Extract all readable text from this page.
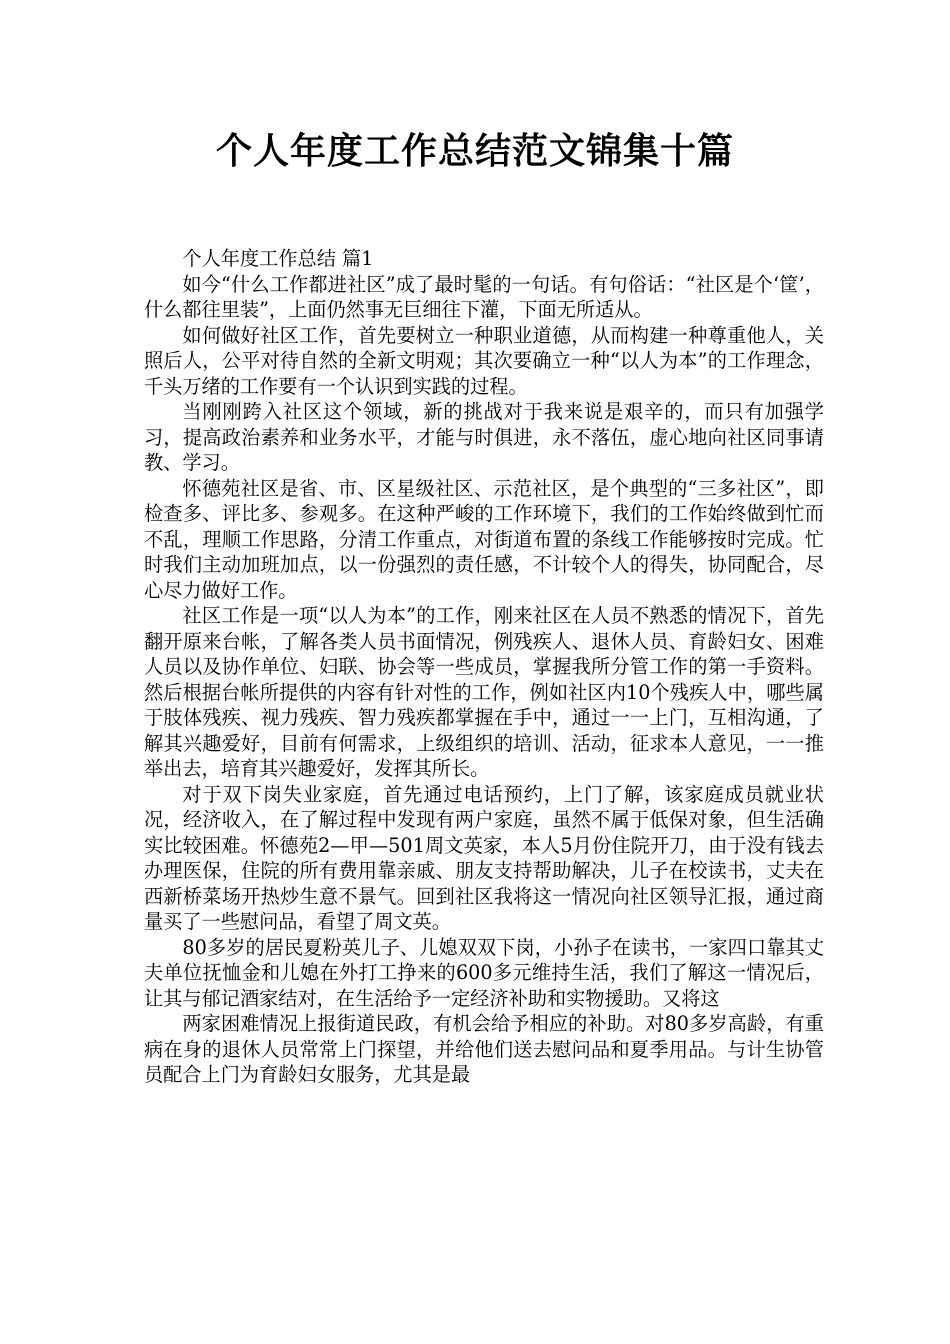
个人年度工作总结范文锦集十篇

个人年度工作总结 篇1

如今“什么工作都进社区”成了最时髦的一句话。有句俗话：“社区是个‘筐’，什么都往里装”，上面仍然事无巨细往下灌，下面无所适从。

如何做好社区工作，首先要树立一种职业道德，从而构建一种尊重他人，关照后人，公平对待自然的全新文明观；其次要确立一种“以人为本”的工作理念，千头万绪的工作要有一个认识到实践的过程。

当刚刚跨入社区这个领域，新的挑战对于我来说是艰辛的，而只有加强学习，提高政治素养和业务水平，才能与时俱进，永不落伍，虚心地向社区同事请教、学习。

怀德苑社区是省、市、区星级社区、示范社区，是个典型的“三多社区”，即检查多、评比多、参观多。在这种严峻的工作环境下，我们的工作始终做到忙而不乱，理顺工作思路，分清工作重点，对街道布置的条线工作能够按时完成。忙时我们主动加班加点，以一份强烈的责任感，不计较个人的得失，协同配合，尽心尽力做好工作。

社区工作是一项“以人为本”的工作，刚来社区在人员不熟悉的情况下，首先翻开原来台帐，了解各类人员书面情况，例残疾人、退休人员、育龄妇女、困难人员以及协作单位、妇联、协会等一些成员，掌握我所分管工作的第一手资料。然后根据台帐所提供的内容有针对性的工作，例如社区内10个残疾人中，哪些属于肢体残疾、视力残疾、智力残疾都掌握在手中，通过一一上门，互相沟通，了解其兴趣爱好，目前有何需求，上级组织的培训、活动，征求本人意见，一一推举出去，培育其兴趣爱好，发挥其所长。

对于双下岗失业家庭，首先通过电话预约，上门了解，该家庭成员就业状况，经济收入，在了解过程中发现有两户家庭，虽然不属于低保对象，但生活确实比较困难。怀德苑2—甲—501周文英家，本人5月份住院开刀，由于没有钱去办理医保，住院的所有费用靠亲戚、朋友支持帮助解决，儿子在校读书，丈夫在西新桥菜场开热炒生意不景气。回到社区我将这一情况向社区领导汇报，通过商量买了一些慰问品，看望了周文英。

80多岁的居民夏粉英儿子、儿媳双双下岗，小孙子在读书，一家四口靠其丈夫单位抚恤金和儿媳在外打工挣来的600多元维持生活，我们了解这一情况后，让其与郁记酒家结对，在生活给予一定经济补助和实物援助。又将这

两家困难情况上报街道民政，有机会给予相应的补助。对80多岁高龄，有重病在身的退休人员常常上门探望，并给他们送去慰问品和夏季用品。与计生协管员配合上门为育龄妇女服务，尤其是最
